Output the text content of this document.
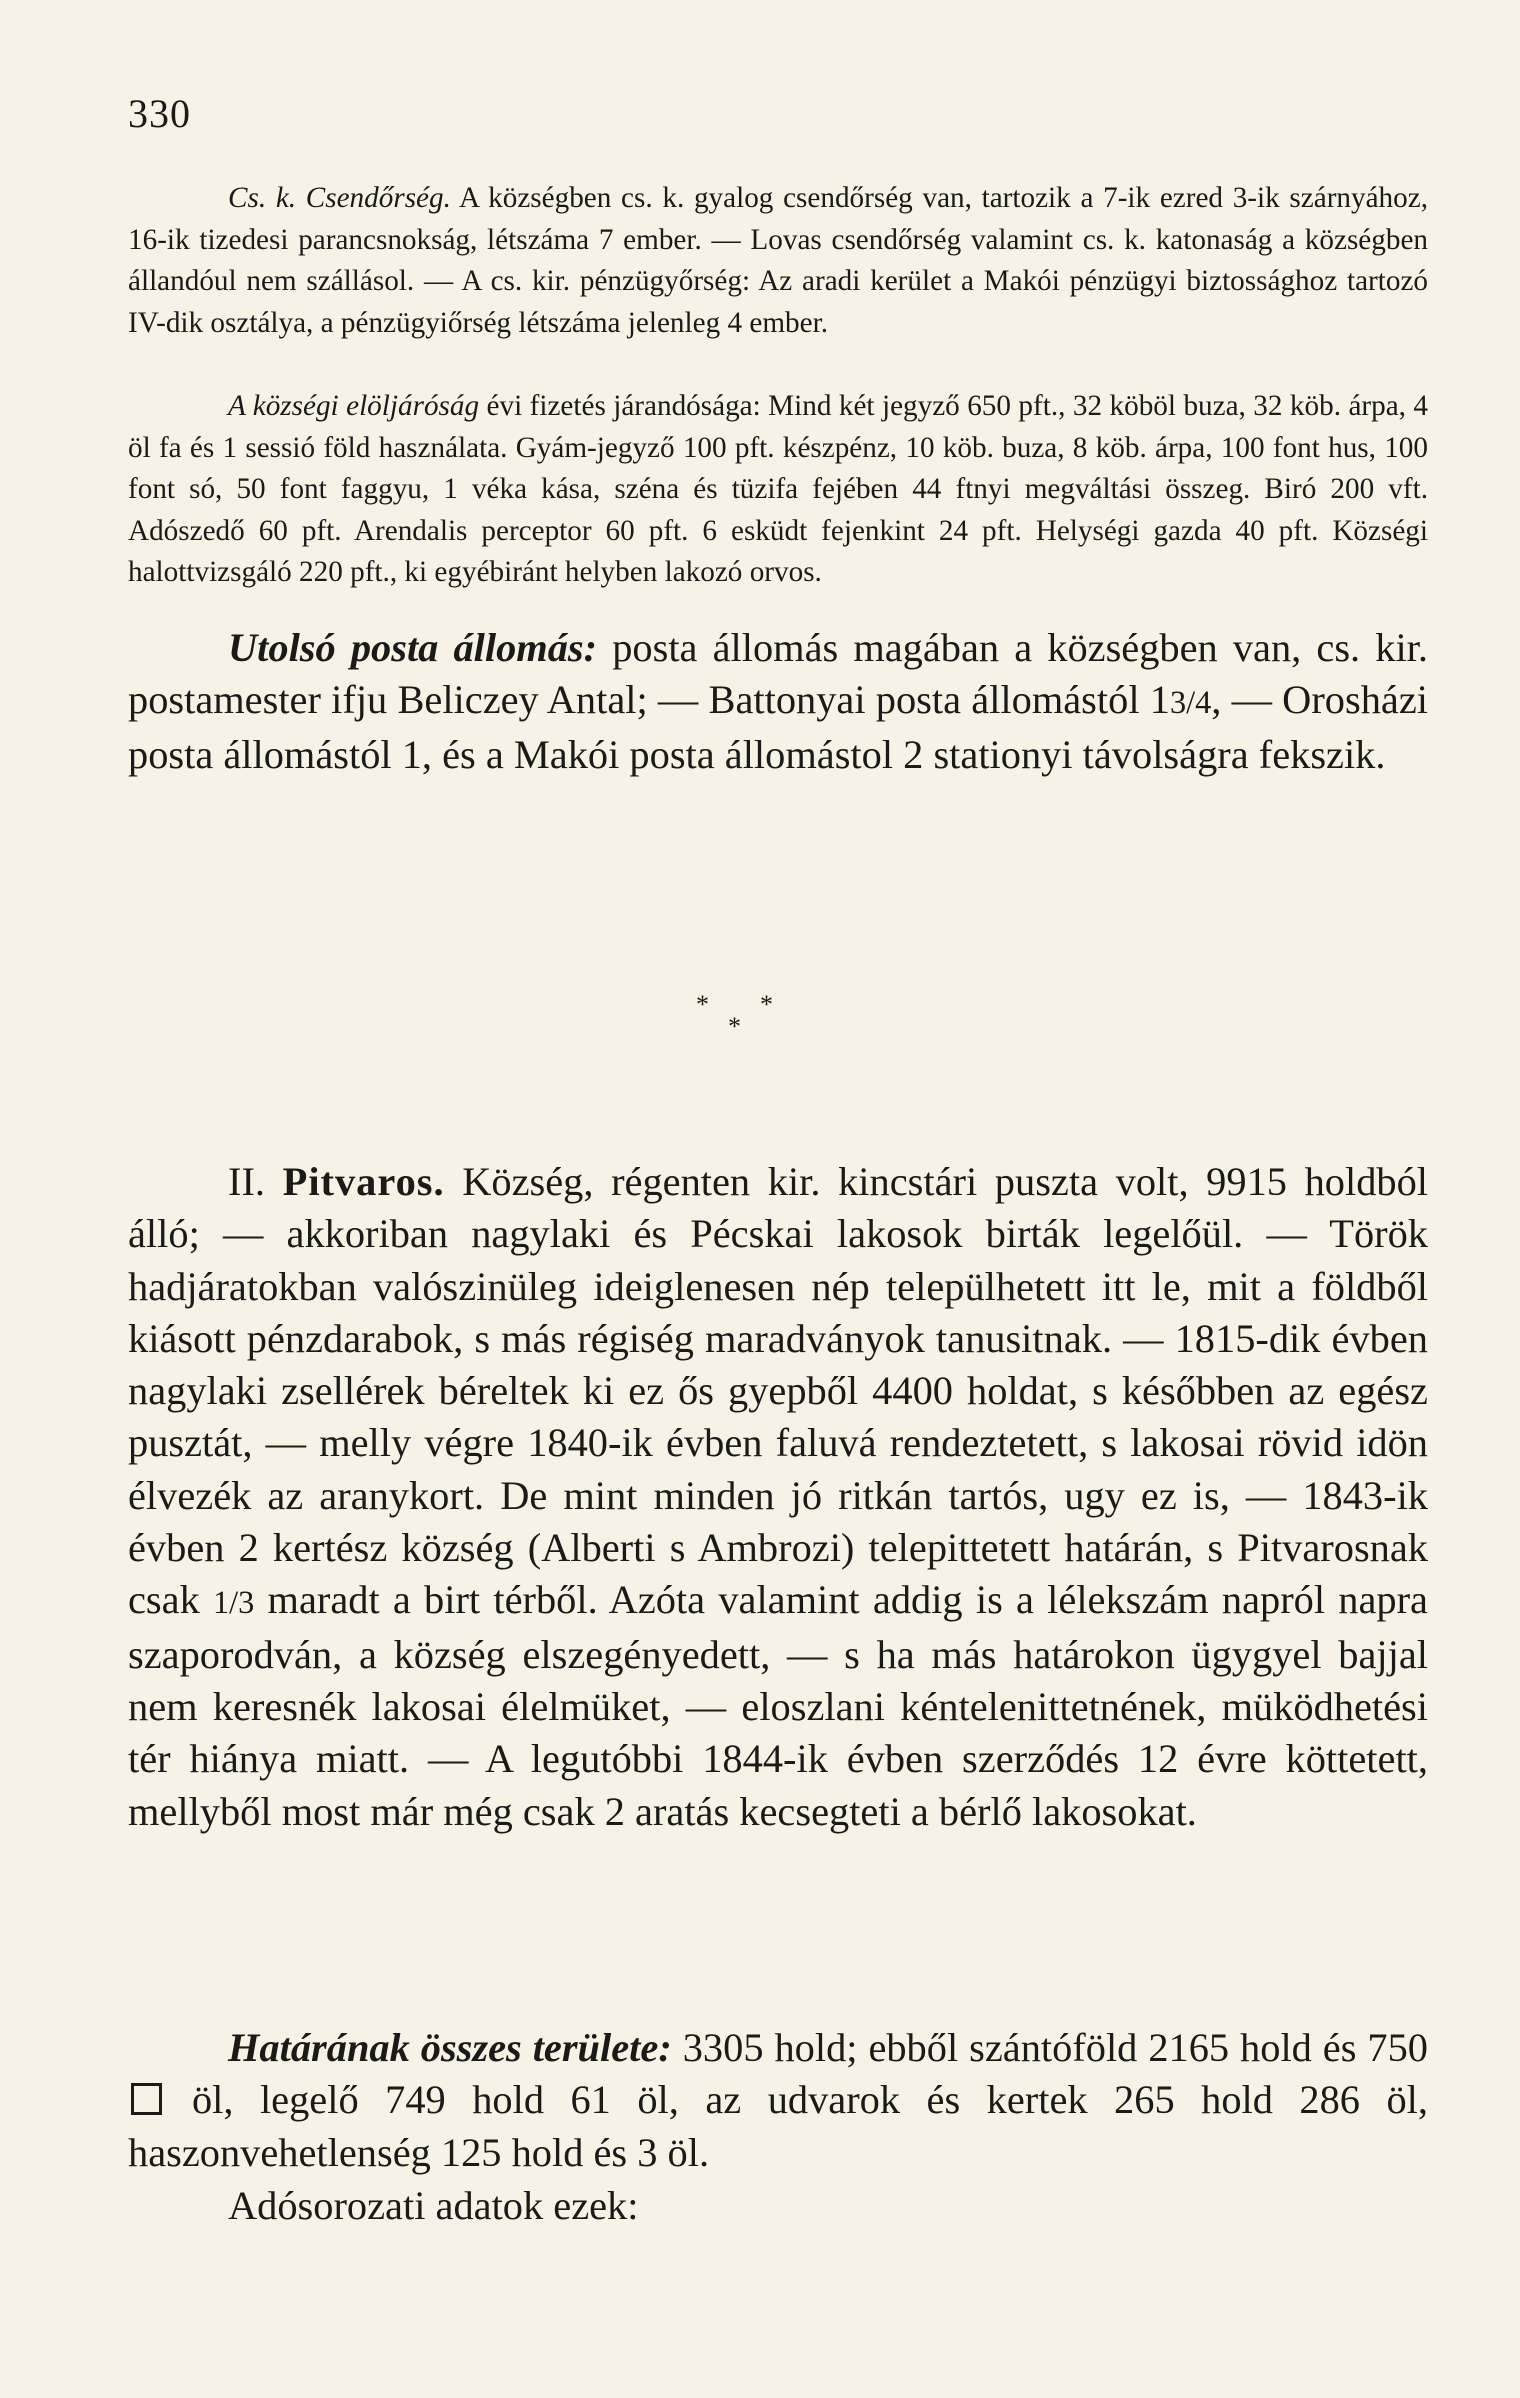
330

Cs. k. Csendőrség. A községben cs. k. gyalog csendőrség van, tartozik a 7-ik ezred 3-ik szárnyához, 16-ik tizedesi parancsnokság, létszáma 7 ember. — Lovas csendőrség valamint cs. k. katonaság a községben állandóul nem szállásol. — A cs. kir. pénzügyőrség: Az aradi kerület a Makói pénzügyi biztossághoz tartozó IV-dik osztálya, a pénzügyiőrség létszáma jelenleg 4 ember.

A községi elöljáróság évi fizetés járandósága: Mind két jegyző 650 pft., 32 köböl buza, 32 köb. árpa, 4 öl fa és 1 sessió föld használata. Gyám-jegyző 100 pft. készpénz, 10 köb. buza, 8 köb. árpa, 100 font hus, 100 font só, 50 font faggyu, 1 véka kása, széna és tüzifa fejében 44 ftnyi megváltási összeg. Biró 200 vft. Adószedő 60 pft. Arendalis perceptor 60 pft. 6 esküdt fejenkint 24 pft. Helységi gazda 40 pft. Községi halottvizsgáló 220 pft., ki egyébiránt helyben lakozó orvos.

Utolsó posta állomás: posta állomás magában a községben van, cs. kir. postamester ifju Beliczey Antal; — Battonyai posta állomástól 13/4, — Orosházi posta állomástól 1, és a Makói posta állomástol 2 stationyi távolságra fekszik.

*
*
*

II. Pitvaros. Község, régenten kir. kincstári puszta volt, 9915 holdból álló; — akkoriban nagylaki és Pécskai lakosok birták legelőül. — Török hadjáratokban valószinüleg ideiglenesen nép települhetett itt le, mit a földből kiásott pénzdarabok, s más régiség maradványok tanusitnak. — 1815-dik évben nagylaki zsellérek béreltek ki ez ős gyepből 4400 holdat, s későbben az egész pusztát, — melly végre 1840-ik évben faluvá rendeztetett, s lakosai rövid idön élvezék az aranykort. De mint minden jó ritkán tartós, ugy ez is, — 1843-ik évben 2 kertész község (Alberti s Ambrozi) telepittetett határán, s Pitvarosnak csak 1/3 maradt a birt térből. Azóta valamint addig is a lélekszám napról napra szaporodván, a község elszegényedett, — s ha más határokon ügygyel bajjal nem keresnék lakosai élelmüket, — eloszlani kéntelenittetnének, müködhetési tér hiánya miatt. — A legutóbbi 1844-ik évben szerződés 12 évre köttetett, mellyből most már még csak 2 aratás kecsegteti a bérlő lakosokat.

Határának összes területe: 3305 hold; ebből szántóföld 2165 hold és 750  öl, legelő 749 hold 61 öl, az udvarok és kertek 265 hold 286 öl, haszonvehetlenség 125 hold és 3 öl.

Adósorozati adatok ezek:
